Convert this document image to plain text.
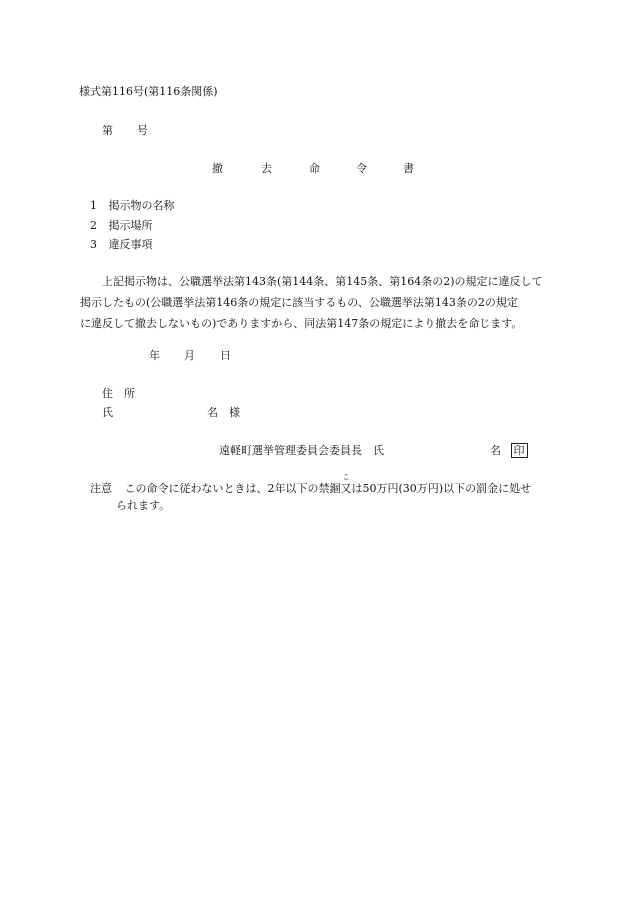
様式第116号(第116条関係)
第 号
撤	去	命	令	書
1 掲示物の名称
2 掲示場所
3 違反事項
上記掲示物は、公職選挙法第143条(第144条、第145条、第164条の2)の規定に違反して
掲示したもの(公職選挙法第146条の規定に該当するもの、公職選挙法第143条の2の規定
に違反して撤去しないもの)でありますから、同法第147条の規定により撤去を命じます。
年 月 日
住　所
氏	名　様
遠軽町選挙管理委員会委員長　氏	名 印
注意 この命令に従わないときは、2年以下の禁錮
こ
又は50万円(30万円)以下の罰金に処せ
られます。
